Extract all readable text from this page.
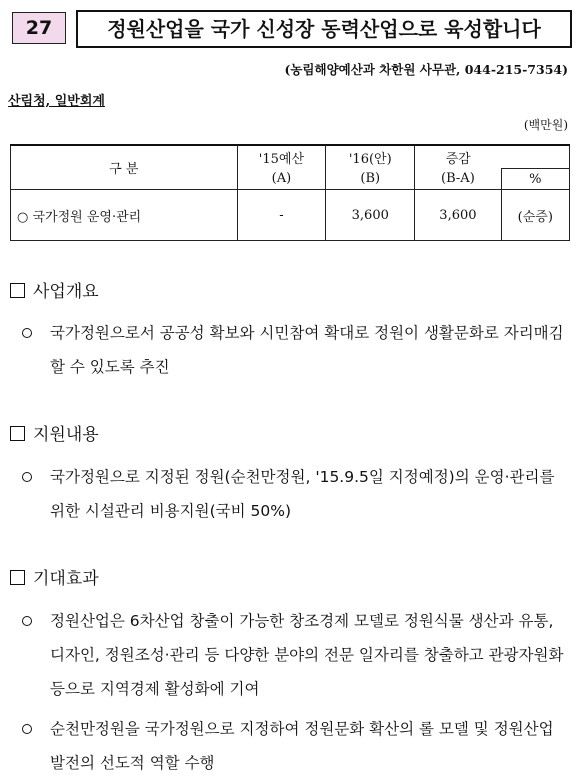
27	정원산업을 국가 신성장 동력산업으로 육성합니다
(농림해양예산과 차한원 사무관, 044-215-7354)
산림청, 일반회계
(백만원)
구 분	'15예산	'16(안)	증감	
	(A)	(B)	(B-A)	%
○ 국가정원 운영·관리	-	3,600	3,600	(순증)
사업개요
국가정원으로서 공공성 확보와 시민참여 확대로 정원이 생활문화로 자리매김 할 수 있도록 추진
지원내용
국가정원으로 지정된 정원(순천만정원, '15.9.5일 지정예정)의 운영·관리를 위한 시설관리 비용지원(국비 50%)
기대효과
정원산업은 6차산업 창출이 가능한 창조경제 모델로 정원식물 생산과 유통, 디자인, 정원조성·관리 등 다양한 분야의 전문 일자리를 창출하고 관광자원화 등으로 지역경제 활성화에 기여
순천만정원을 국가정원으로 지정하여 정원문화 확산의 롤 모델 및 정원산업 발전의 선도적 역할 수행
